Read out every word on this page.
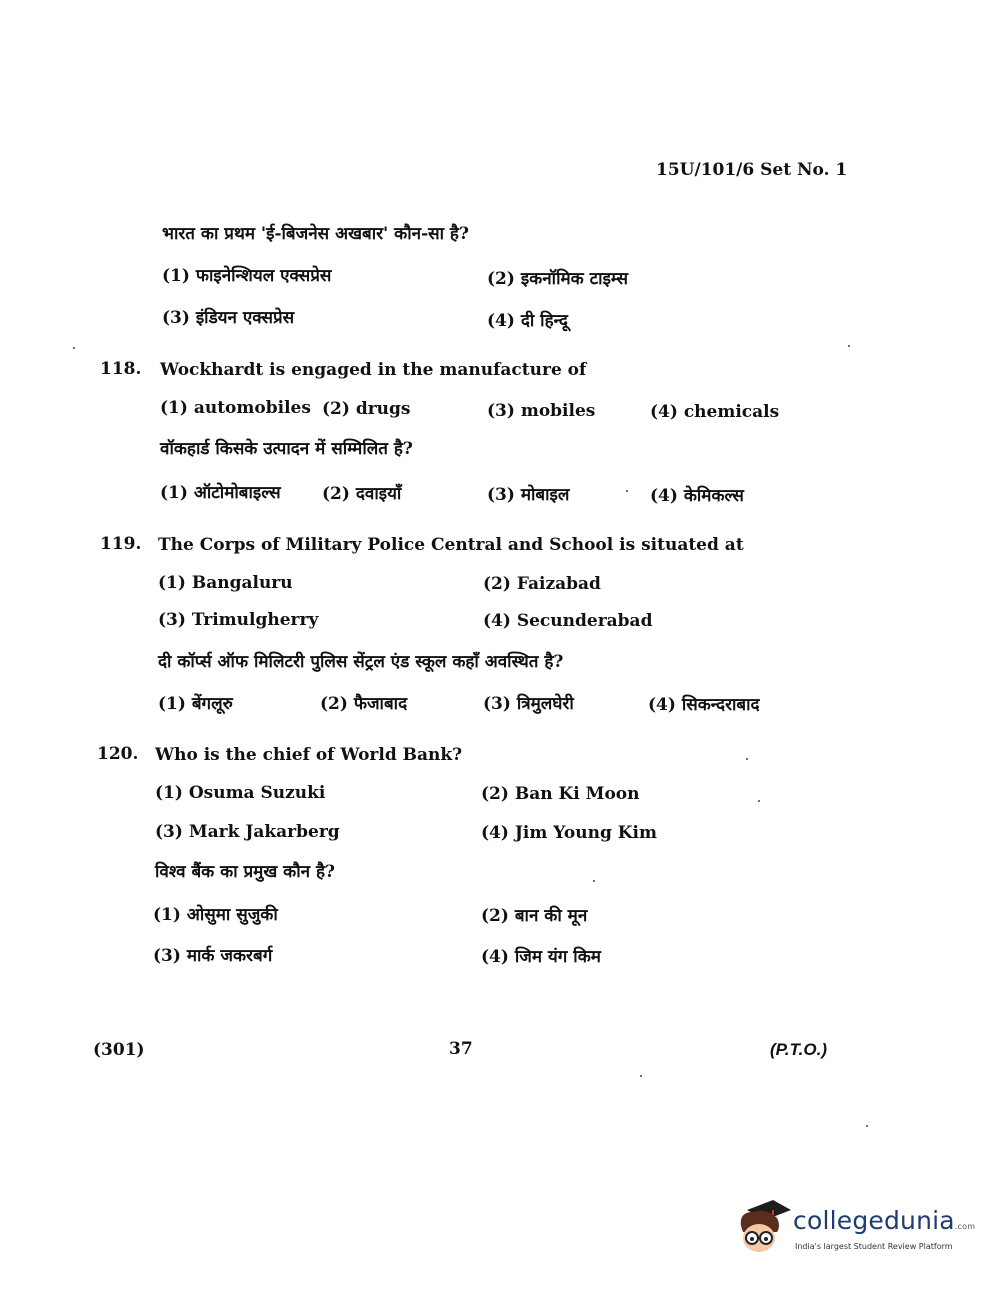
15U/101/6 Set No. 1
भारत का प्रथम 'ई-बिजनेस अखबार' कौन-सा है?
(1) फाइनेन्शियल एक्सप्रेस	(2) इकनॉमिक टाइम्स
(3) इंडियन एक्सप्रेस	(4) दी हिन्दू
118. Wockhardt is engaged in the manufacture of
(1) automobiles (2) drugs	(3) mobiles	(4) chemicals
वॉकहार्ड किसके उत्पादन में सम्मिलित है?
(1) ऑटोमोबाइल्स (2) दवाइयाँ	(3) मोबाइल	(4) केमिकल्स
119. The Corps of Military Police Central and School is situated at
(1) Bangaluru	(2) Faizabad
(3) Trimulgherry	(4) Secunderabad
दी कॉर्प्स ऑफ मिलिटरी पुलिस सेंट्रल एंड स्कूल कहाँ अवस्थित है?
(1) बेंगलूरु	(2) फैजाबाद	(3) त्रिमुलघेरी	(4) सिकन्दराबाद
120. Who is the chief of World Bank?
(1) Osuma Suzuki	(2) Ban Ki Moon
(3) Mark Jakarberg	(4) Jim Young Kim
विश्व बैंक का प्रमुख कौन है?
(1) ओसुमा सुजुकी	(2) बान की मून
(3) मार्क जकरबर्ग	(4) जिम यंग किम
(301)	37	(P.T.O.)
collegedunia.com
India's largest Student Review Platform
